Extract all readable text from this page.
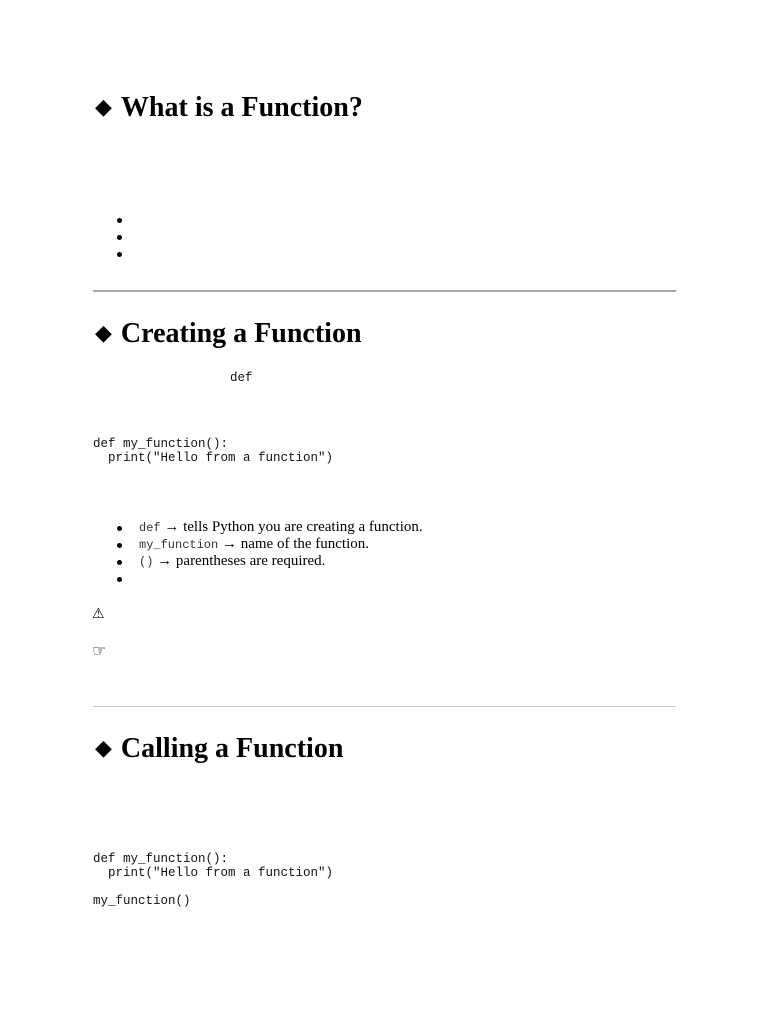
◆ What is a Function?
◆ Creating a Function
def
def my_function():
print("Hello from a function")
def → tells Python you are creating a function.
my_function → name of the function.
() → parentheses are required.
⚠
☞
◆ Calling a Function
def my_function():
print("Hello from a function")

my_function()
